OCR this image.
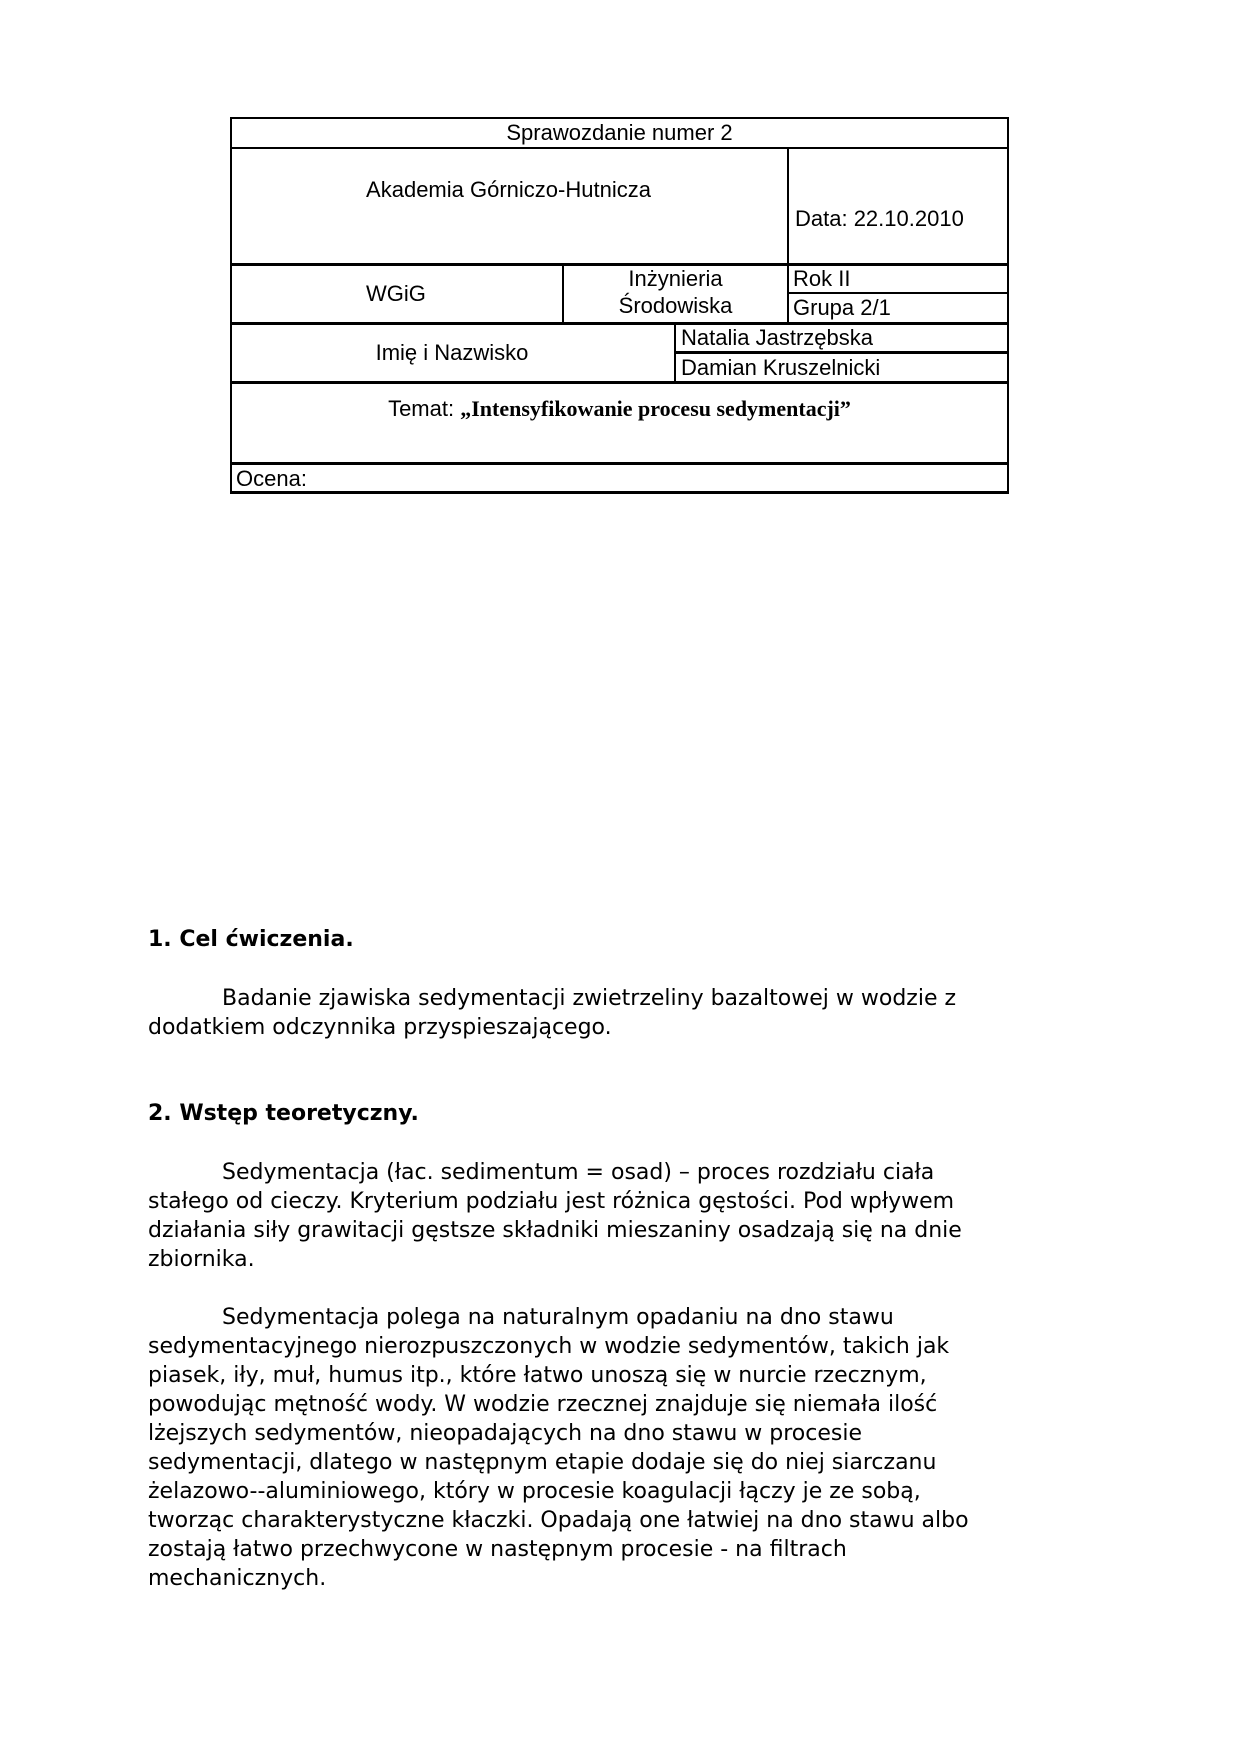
Sprawozdanie numer 2
Akademia Górniczo-Hutnicza
Data: 22.10.2010
WGiG
Inżynieria
Środowiska
Rok II
Grupa 2/1
Imię i Nazwisko
Natalia Jastrzębska
Damian Kruszelnicki
Temat: „Intensyfikowanie procesu sedymentacji”
Ocena:
1. Cel ćwiczenia.

Badanie zjawiska sedymentacji zwietrzeliny bazaltowej w wodzie z
dodatkiem odczynnika przyspieszającego.

2. Wstęp teoretyczny.

Sedymentacja (łac. sedimentum = osad) – proces rozdziału ciała
stałego od cieczy. Kryterium podziału jest różnica gęstości. Pod wpływem
działania siły grawitacji gęstsze składniki mieszaniny osadzają się na dnie
zbiornika.

Sedymentacja polega na naturalnym opadaniu na dno stawu
sedymentacyjnego nierozpuszczonych w wodzie sedymentów, takich jak
piasek, iły, muł, humus itp., które łatwo unoszą się w nurcie rzecznym,
powodując mętność wody. W wodzie rzecznej znajduje się niemała ilość
lżejszych sedymentów, nieopadających na dno stawu w procesie
sedymentacji, dlatego w następnym etapie dodaje się do niej siarczanu
żelazowo--aluminiowego, który w procesie koagulacji łączy je ze sobą,
tworząc charakterystyczne kłaczki. Opadają one łatwiej na dno stawu albo
zostają łatwo przechwycone w następnym procesie - na filtrach
mechanicznych.
